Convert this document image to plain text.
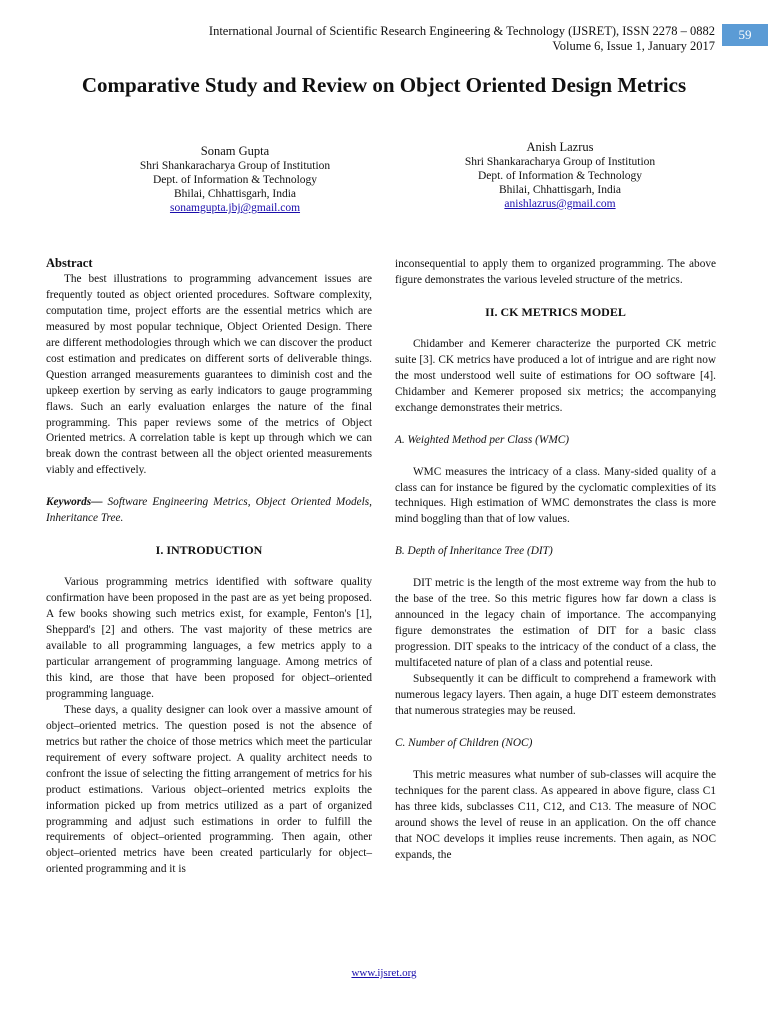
International Journal of Scientific Research Engineering & Technology (IJSRET), ISSN 2278 – 0882
Volume 6, Issue 1, January 2017
59
Comparative Study and Review on Object Oriented Design Metrics
Sonam Gupta
Shri Shankaracharya Group of Institution
Dept. of Information & Technology
Bhilai, Chhattisgarh, India
sonamgupta.jbj@gmail.com
Anish Lazrus
Shri Shankaracharya Group of Institution
Dept. of Information & Technology
Bhilai, Chhattisgarh, India
anishlazrus@gmail.com
Abstract

The best illustrations to programming advancement issues are frequently touted as object oriented procedures. Software complexity, computation time, project efforts are the essential metrics which are measured by most popular technique, Object Oriented Design. There are different methodologies through which we can discover the product cost estimation and predicates on different sorts of deliverable things. Question arranged measurements guarantees to diminish cost and the upkeep exertion by serving as early indicators to gauge programming flaws. Such an early evaluation enlarges the nature of the final programming. This paper reviews some of the metrics of Object Oriented metrics. A correlation table is kept up through which we can break down the contrast between all the object oriented measurements viably and effectively.

Keywords— Software Engineering Metrics, Object Oriented Models, Inheritance Tree.

I. INTRODUCTION

Various programming metrics identified with software quality confirmation have been proposed in the past are as yet being proposed. A few books showing such metrics exist, for example, Fenton's [1], Sheppard's [2] and others. The vast majority of these metrics are available to all programming languages, a few metrics apply to a particular arrangement of programming language. Among metrics of this kind, are those that have been proposed for object–oriented programming language.

These days, a quality designer can look over a massive amount of object–oriented metrics. The question posed is not the absence of metrics but rather the choice of those metrics which meet the particular requirement of every software project. A quality architect needs to confront the issue of selecting the fitting arrangement of metrics for his product estimations. Various object–oriented metrics exploits the information picked up from metrics utilized as a part of organized programming and adjust such estimations in order to fulfill the requirements of object–oriented programming. Then again, other object–oriented metrics have been created particularly for object–oriented programming and it is

inconsequential to apply them to organized programming. The above figure demonstrates the various leveled structure of the metrics.

II. CK METRICS MODEL

Chidamber and Kemerer characterize the purported CK metric suite [3]. CK metrics have produced a lot of intrigue and are right now the most understood well suite of estimations for OO software [4]. Chidamber and Kemerer proposed six metrics; the accompanying exchange demonstrates their metrics.

A. Weighted Method per Class (WMC)

WMC measures the intricacy of a class. Many-sided quality of a class can for instance be figured by the cyclomatic complexities of its techniques. High estimation of WMC demonstrates the class is more mind boggling than that of low values.

B. Depth of Inheritance Tree (DIT)

DIT metric is the length of the most extreme way from the hub to the base of the tree. So this metric figures how far down a class is announced in the legacy chain of importance. The accompanying figure demonstrates the estimation of DIT for a basic class progression. DIT speaks to the intricacy of the conduct of a class, the multifaceted nature of plan of a class and potential reuse.

Subsequently it can be difficult to comprehend a framework with numerous legacy layers. Then again, a huge DIT esteem demonstrates that numerous strategies may be reused.

C. Number of Children (NOC)

This metric measures what number of sub-classes will acquire the techniques for the parent class. As appeared in above figure, class C1 has three kids, subclasses C11, C12, and C13. The measure of NOC around shows the level of reuse in an application. On the off chance that NOC develops it implies reuse increments. Then again, as NOC expands, the

www.ijsret.org
